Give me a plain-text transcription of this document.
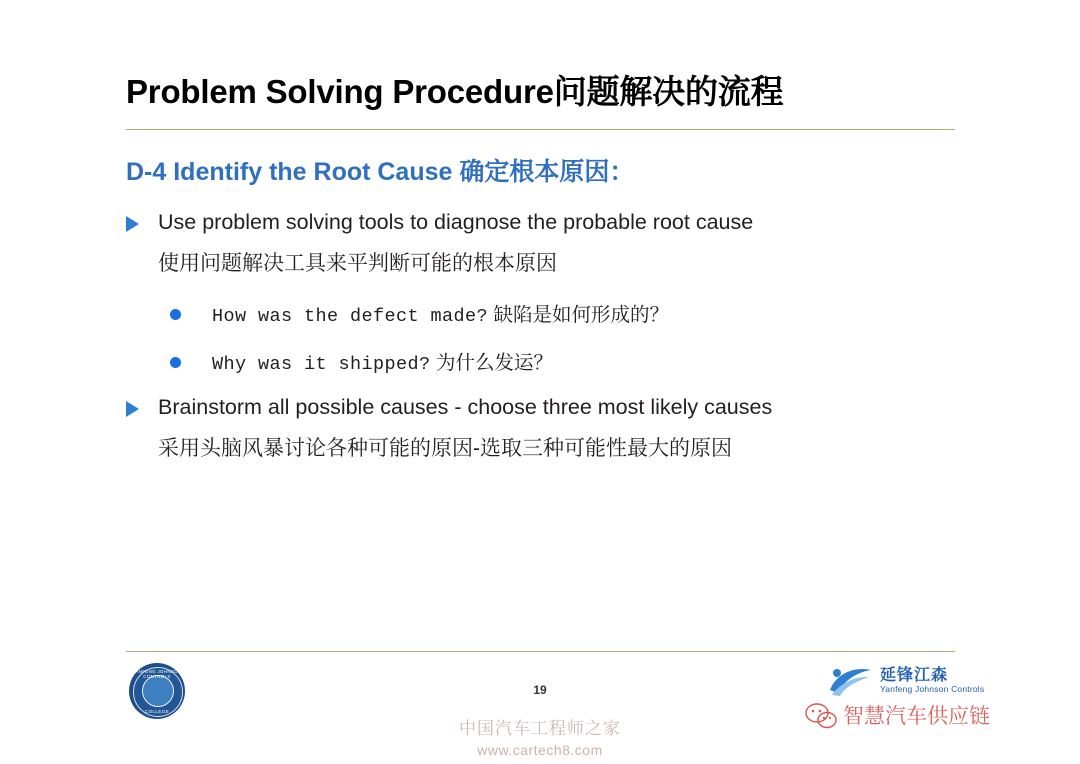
Problem Solving Procedure问题解决的流程
D-4 Identify the Root Cause 确定根本原因：
Use problem solving tools to diagnose the probable root cause
使用问题解决工具来平判断可能的根本原因
How was the defect made? 缺陷是如何形成的？
Why was it shipped? 为什么发运？
Brainstorm all possible causes - choose three most likely causes
采用头脑风暴讨论各种可能的原因-选取三种可能性最大的原因
19
YANFENG JOHNSON CONTROLS
COLLEGE
延锋江森
Yanfeng Johnson Controls
智慧汽车供应链
中国汽车工程师之家
www.cartech8.com
